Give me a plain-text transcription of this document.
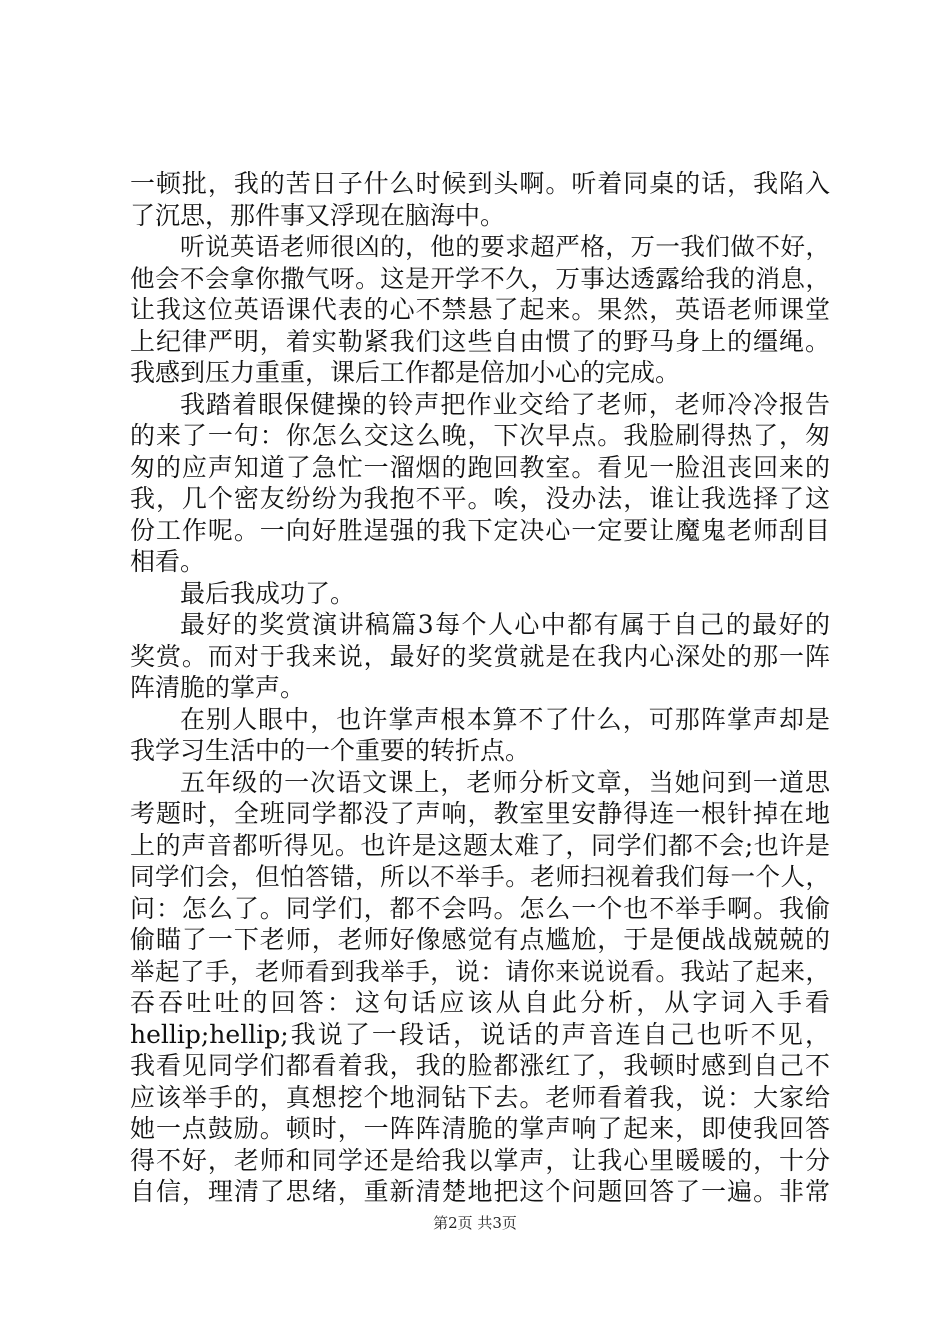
一顿批，我的苦日子什么时候到头啊。听着同桌的话，我陷入
了沉思，那件事又浮现在脑海中。
听说英语老师很凶的，他的要求超严格，万一我们做不好，
他会不会拿你撒气呀。这是开学不久，万事达透露给我的消息，
让我这位英语课代表的心不禁悬了起来。果然，英语老师课堂
上纪律严明，着实勒紧我们这些自由惯了的野马身上的缰绳。
我感到压力重重，课后工作都是倍加小心的完成。
我踏着眼保健操的铃声把作业交给了老师，老师冷冷报告
的来了一句：你怎么交这么晚，下次早点。我脸刷得热了，匆
匆的应声知道了急忙一溜烟的跑回教室。看见一脸沮丧回来的
我，几个密友纷纷为我抱不平。唉，没办法，谁让我选择了这
份工作呢。一向好胜逞强的我下定决心一定要让魔鬼老师刮目
相看。
最后我成功了。
最好的奖赏演讲稿篇3每个人心中都有属于自己的最好的
奖赏。而对于我来说，最好的奖赏就是在我内心深处的那一阵
阵清脆的掌声。
在别人眼中，也许掌声根本算不了什么，可那阵掌声却是
我学习生活中的一个重要的转折点。
五年级的一次语文课上，老师分析文章，当她问到一道思
考题时，全班同学都没了声响，教室里安静得连一根针掉在地
上的声音都听得见。也许是这题太难了，同学们都不会;也许是
同学们会，但怕答错，所以不举手。老师扫视着我们每一个人，
问：怎么了。同学们，都不会吗。怎么一个也不举手啊。我偷
偷瞄了一下老师，老师好像感觉有点尴尬，于是便战战兢兢的
举起了手，老师看到我举手，说：请你来说说看。我站了起来，
吞吞吐吐的回答：这句话应该从自此分析，从字词入手看
hellip;hellip;我说了一段话，说话的声音连自己也听不见，
我看见同学们都看着我，我的脸都涨红了，我顿时感到自己不
应该举手的，真想挖个地洞钻下去。老师看着我，说：大家给
她一点鼓励。顿时，一阵阵清脆的掌声响了起来，即使我回答
得不好，老师和同学还是给我以掌声，让我心里暖暖的，十分
自信，理清了思绪，重新清楚地把这个问题回答了一遍。非常
第2页 共3页
